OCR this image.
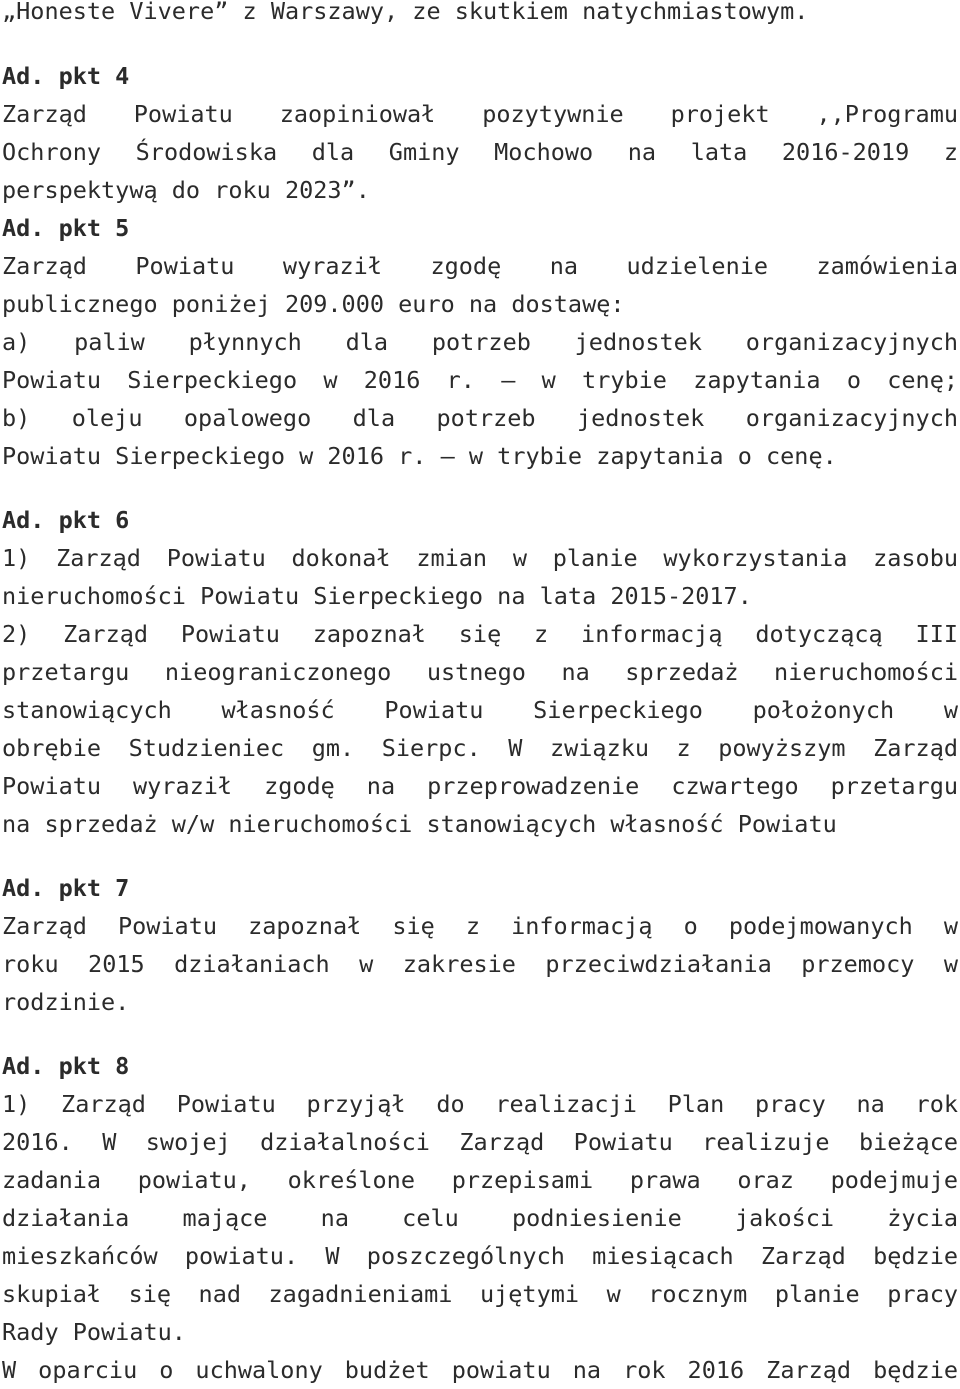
„Honeste Vivere” z Warszawy, ze skutkiem natychmiastowym.
Ad. pkt 4
Zarząd Powiatu zaopiniował pozytywnie projekt ,,Programu
Ochrony Środowiska dla Gminy Mochowo na lata 2016-2019 z
perspektywą do roku 2023”.
Ad. pkt 5
Zarząd Powiatu wyraził zgodę na udzielenie zamówienia
publicznego poniżej 209.000 euro na dostawę:
a) paliw płynnych dla potrzeb jednostek organizacyjnych
Powiatu Sierpeckiego w 2016 r. – w trybie zapytania o cenę;
b) oleju opalowego dla potrzeb jednostek organizacyjnych
Powiatu Sierpeckiego w 2016 r. – w trybie zapytania o cenę.
Ad. pkt 6
1) Zarząd Powiatu dokonał zmian w planie wykorzystania zasobu
nieruchomości Powiatu Sierpeckiego na lata 2015-2017.
2) Zarząd Powiatu zapoznał się z informacją dotyczącą III
przetargu nieograniczonego ustnego na sprzedaż nieruchomości
stanowiących własność Powiatu Sierpeckiego położonych w
obrębie Studzieniec gm. Sierpc. W związku z powyższym Zarząd
Powiatu wyraził zgodę na przeprowadzenie czwartego przetargu
na sprzedaż w/w nieruchomości stanowiących własność Powiatu
Ad. pkt 7
Zarząd Powiatu zapoznał się z informacją o podejmowanych w
roku 2015 działaniach w zakresie przeciwdziałania przemocy w
rodzinie.
Ad. pkt 8
1) Zarząd Powiatu przyjął do realizacji Plan pracy na rok
2016. W swojej działalności Zarząd Powiatu realizuje bieżące
zadania powiatu, określone przepisami prawa oraz podejmuje
działania mające na celu podniesienie jakości życia
mieszkańców powiatu. W poszczególnych miesiącach Zarząd będzie
skupiał się nad zagadnieniami ujętymi w rocznym planie pracy
Rady Powiatu.
W oparciu o uchwalony budżet powiatu na rok 2016 Zarząd będzie
